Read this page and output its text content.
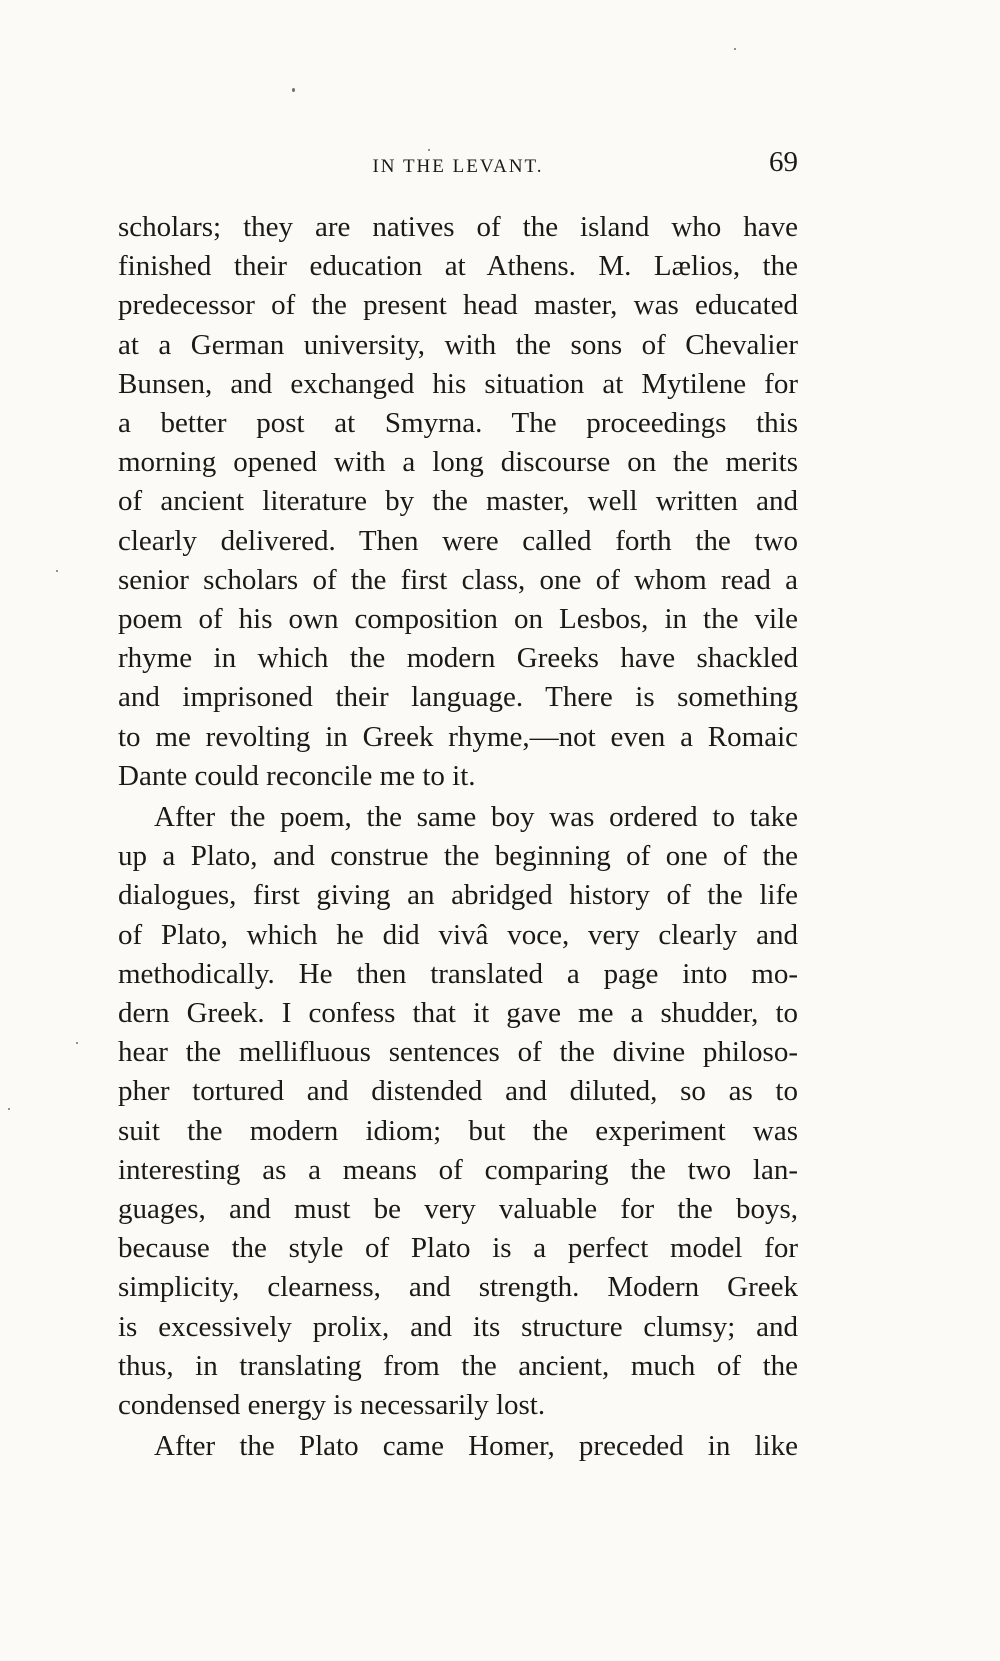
IN THE LEVANT.	69

scholars; they are natives of the island who have
finished their education at Athens. M. Lælios, the
predecessor of the present head master, was educated
at a German university, with the sons of Chevalier
Bunsen, and exchanged his situation at Mytilene for
a better post at Smyrna. The proceedings this
morning opened with a long discourse on the merits
of ancient literature by the master, well written and
clearly delivered. Then were called forth the two
senior scholars of the first class, one of whom read a
poem of his own composition on Lesbos, in the vile
rhyme in which the modern Greeks have shackled
and imprisoned their language. There is something
to me revolting in Greek rhyme,—not even a Romaic
Dante could reconcile me to it.

After the poem, the same boy was ordered to take
up a Plato, and construe the beginning of one of the
dialogues, first giving an abridged history of the life
of Plato, which he did vivâ voce, very clearly and
methodically. He then translated a page into mo-
dern Greek. I confess that it gave me a shudder, to
hear the mellifluous sentences of the divine philoso-
pher tortured and distended and diluted, so as to
suit the modern idiom; but the experiment was
interesting as a means of comparing the two lan-
guages, and must be very valuable for the boys,
because the style of Plato is a perfect model for
simplicity, clearness, and strength. Modern Greek
is excessively prolix, and its structure clumsy; and
thus, in translating from the ancient, much of the
condensed energy is necessarily lost.

After the Plato came Homer, preceded in like
